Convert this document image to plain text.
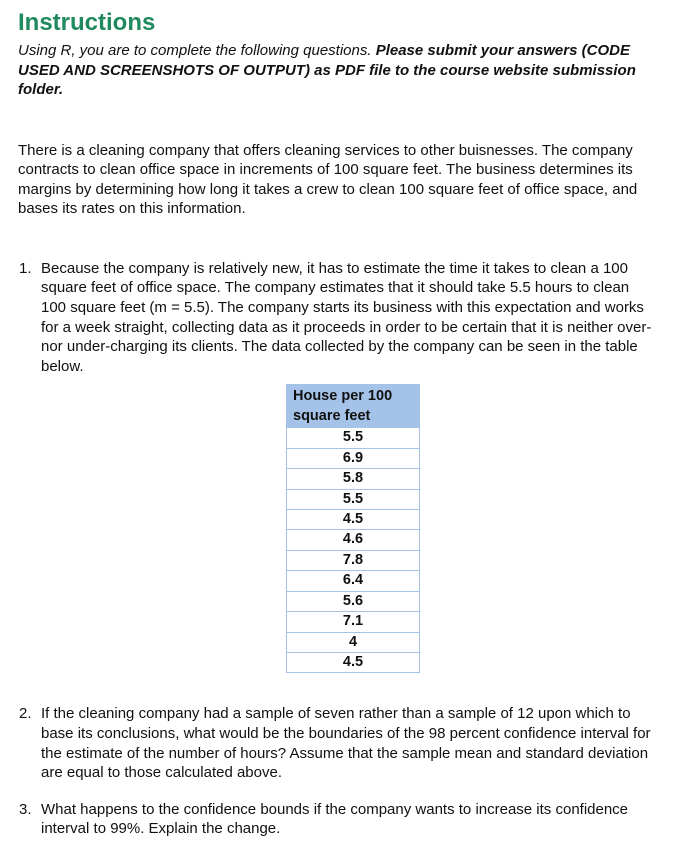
Instructions
Using R, you are to complete the following questions. Please submit your answers (CODE USED AND SCREENSHOTS OF OUTPUT) as PDF file to the course website submission folder.
There is a cleaning company that offers cleaning services to other buisnesses. The company contracts to clean office space in increments of 100 square feet. The business determines its margins by determining how long it takes a crew to clean 100 square feet of office space, and bases its rates on this information.
1. Because the company is relatively new, it has to estimate the time it takes to clean a 100 square feet of office space. The company estimates that it should take 5.5 hours to clean 100 square feet (m = 5.5). The company starts its business with this expectation and works for a week straight, collecting data as it proceeds in order to be certain that it is neither over- nor under-charging its clients. The data collected by the company can be seen in the table below.
House per 100 square feet
5.5
6.9
5.8
5.5
4.5
4.6
7.8
6.4
5.6
7.1
4
4.5
2. If the cleaning company had a sample of seven rather than a sample of 12 upon which to base its conclusions, what would be the boundaries of the 98 percent confidence interval for the estimate of the number of hours? Assume that the sample mean and standard deviation are equal to those calculated above.
3. What happens to the confidence bounds if the company wants to increase its confidence interval to 99%. Explain the change.
